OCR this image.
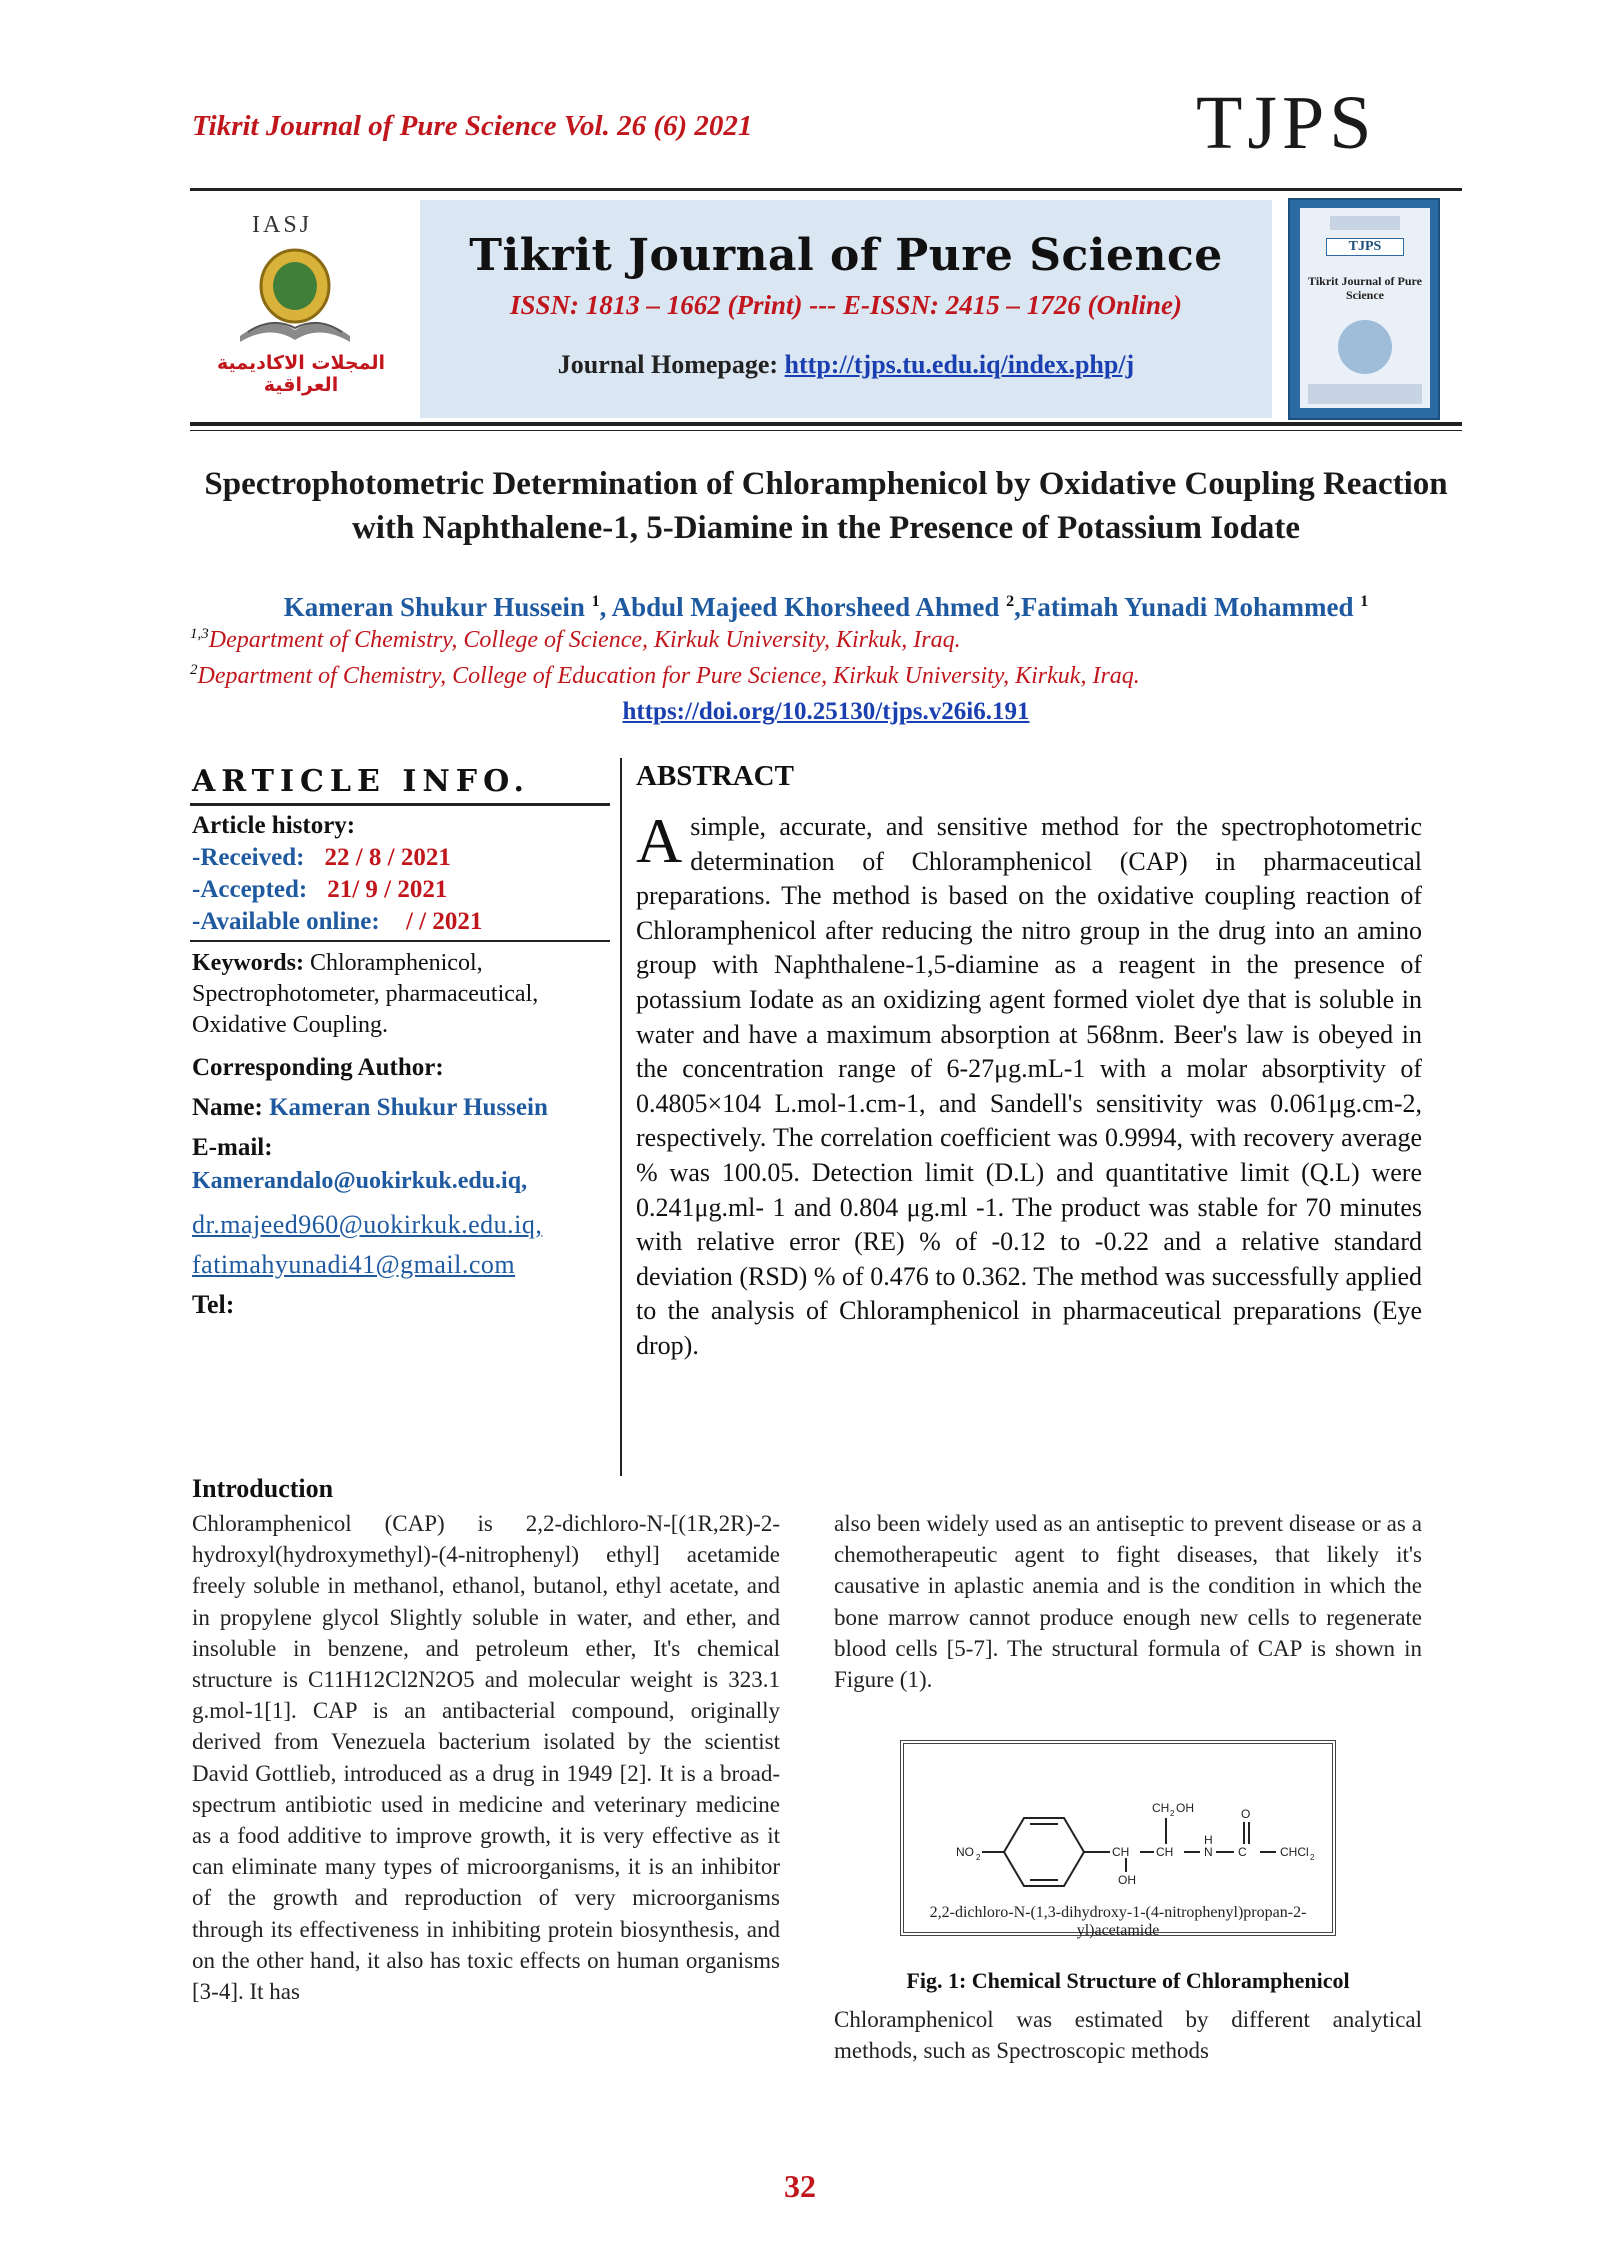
Tikrit Journal of Pure Science Vol. 26 (6) 2021	TJPS
IASJ
المجلات الاكاديمية العراقية
Tikrit Journal of Pure Science
ISSN: 1813 – 1662 (Print) --- E-ISSN: 2415 – 1726 (Online)
Journal Homepage: http://tjps.tu.edu.iq/index.php/j
TJPS
Tikrit Journal of Pure Science
Spectrophotometric Determination of Chloramphenicol by Oxidative Coupling Reaction with Naphthalene-1, 5-Diamine in the Presence of Potassium Iodate
Kameran Shukur Hussein $^1$, Abdul Majeed Khorsheed Ahmed $^2$,Fatimah Yunadi Mohammed $^1$
$^{1,3}$Department of Chemistry, College of Science, Kirkuk University, Kirkuk, Iraq.
$^2$Department of Chemistry, College of Education for Pure Science, Kirkuk University, Kirkuk, Iraq.
https://doi.org/10.25130/tjps.v26i6.191
ARTICLE INFO.
Article history:
-Received: 22 / 8 / 2021
-Accepted: 21/ 9 / 2021
-Available online: / / 2021
Keywords: Chloramphenicol, Spectrophotometer, pharmaceutical, Oxidative Coupling.
Corresponding Author:
Name: Kameran Shukur Hussein
E-mail:
Kamerandalo@uokirkuk.edu.iq,
dr.majeed960@uokirkuk.edu.iq,
fatimahyunadi41@gmail.com
Tel:
ABSTRACT
A simple, accurate, and sensitive method for the spectrophotometric determination of Chloramphenicol (CAP) in pharmaceutical preparations. The method is based on the oxidative coupling reaction of Chloramphenicol after reducing the nitro group in the drug into an amino group with Naphthalene-1,5-diamine as a reagent in the presence of potassium Iodate as an oxidizing agent formed violet dye that is soluble in water and have a maximum absorption at 568nm. Beer's law is obeyed in the concentration range of 6-27μg.mL-1 with a molar absorptivity of 0.4805×104 L.mol-1.cm-1, and Sandell's sensitivity was 0.061μg.cm-2, respectively. The correlation coefficient was 0.9994, with recovery average % was 100.05. Detection limit (D.L) and quantitative limit (Q.L) were 0.241μg.ml- 1 and 0.804 μg.ml -1. The product was stable for 70 minutes with relative error (RE) % of -0.12 to -0.22 and a relative standard deviation (RSD) % of 0.476 to 0.362. The method was successfully applied to the analysis of Chloramphenicol in pharmaceutical preparations (Eye drop).
Introduction
Chloramphenicol (CAP) is 2,2-dichloro-N-[(1R,2R)-2-hydroxyl(hydroxymethyl)-(4-nitrophenyl) ethyl] acetamide freely soluble in methanol, ethanol, butanol, ethyl acetate, and in propylene glycol Slightly soluble in water, and ether, and insoluble in benzene, and petroleum ether, It's chemical structure is C11H12Cl2N2O5 and molecular weight is 323.1 g.mol-1[1]. CAP is an antibacterial compound, originally derived from Venezuela bacterium isolated by the scientist David Gottlieb, introduced as a drug in 1949 [2]. It is a broad-spectrum antibiotic used in medicine and veterinary medicine as a food additive to improve growth, it is very effective as it can eliminate many types of microorganisms, it is an inhibitor of the growth and reproduction of very microorganisms through its effectiveness in inhibiting protein biosynthesis, and on the other hand, it also has toxic effects on human organisms [3-4]. It has
also been widely used as an antiseptic to prevent disease or as a chemotherapeutic agent to fight diseases, that likely it's causative in aplastic anemia and is the condition in which the bone marrow cannot produce enough new cells to regenerate blood cells [5-7]. The structural formula of CAP is shown in Figure (1).
NO 2	CH
OH
CH
CH 2 OH
H
N
O
C	CHCl 2
2,2-dichloro-N-(1,3-dihydroxy-1-(4-nitrophenyl)propan-2-yl)acetamide
Fig. 1: Chemical Structure of Chloramphenicol
Chloramphenicol was estimated by different analytical methods, such as Spectroscopic methods
32
